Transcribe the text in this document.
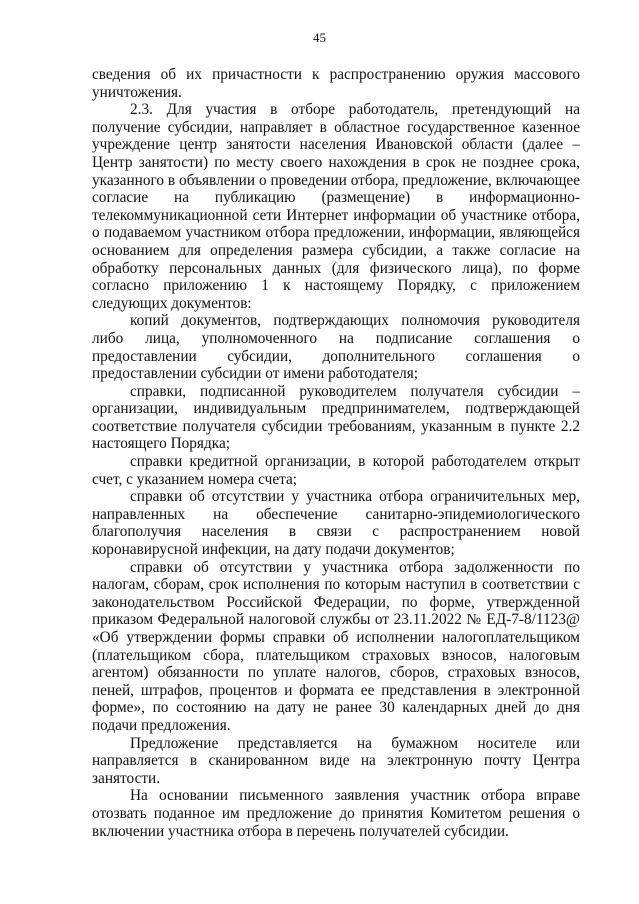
45

сведения об их причастности к распространению оружия массового уничтожения.

2.3. Для участия в отборе работодатель, претендующий на получение субсидии, направляет в областное государственное казенное учреждение центр занятости населения Ивановской области (далее – Центр занятости) по месту своего нахождения в срок не позднее срока, указанного в объявлении о проведении отбора, предложение, включающее согласие на публикацию (размещение) в информационно-телекоммуникационной сети Интернет информации об участнике отбора, о подаваемом участником отбора предложении, информации, являющейся основанием для определения размера субсидии, а также согласие на обработку персональных данных (для физического лица), по форме согласно приложению 1 к настоящему Порядку, с приложением следующих документов:

копий документов, подтверждающих полномочия руководителя либо лица, уполномоченного на подписание соглашения о предоставлении субсидии, дополнительного соглашения о предоставлении субсидии от имени работодателя;

справки, подписанной руководителем получателя субсидии – организации, индивидуальным предпринимателем, подтверждающей соответствие получателя субсидии требованиям, указанным в пункте 2.2 настоящего Порядка;

справки кредитной организации, в которой работодателем открыт счет, с указанием номера счета;

справки об отсутствии у участника отбора ограничительных мер, направленных на обеспечение санитарно-эпидемиологического благополучия населения в связи с распространением новой коронавирусной инфекции, на дату подачи документов;

справки об отсутствии у участника отбора задолженности по налогам, сборам, срок исполнения по которым наступил в соответствии с законодательством Российской Федерации, по форме, утвержденной приказом Федеральной налоговой службы от 23.11.2022 № ЕД-7-8/1123@ «Об утверждении формы справки об исполнении налогоплательщиком (плательщиком сбора, плательщиком страховых взносов, налоговым агентом) обязанности по уплате налогов, сборов, страховых взносов, пеней, штрафов, процентов и формата ее представления в электронной форме», по состоянию на дату не ранее 30 календарных дней до дня подачи предложения.

Предложение представляется на бумажном носителе или направляется в сканированном виде на электронную почту Центра занятости.

На основании письменного заявления участник отбора вправе отозвать поданное им предложение до принятия Комитетом решения о включении участника отбора в перечень получателей субсидии.
